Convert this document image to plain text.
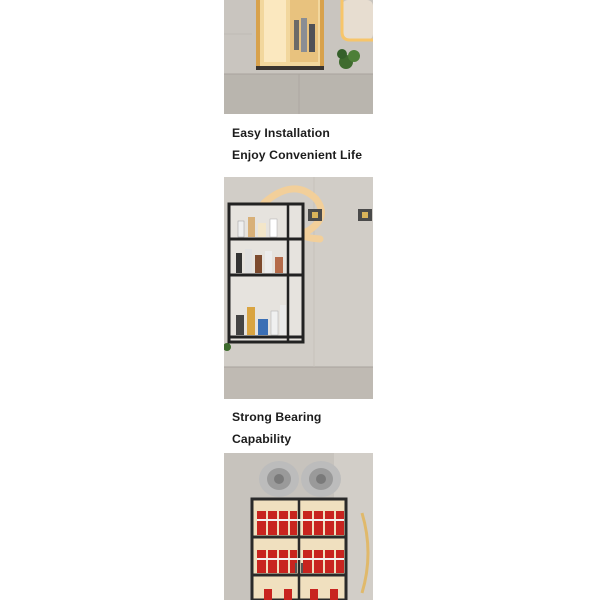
Easy Installation
Enjoy Convenient Life
Strong Bearing
Capability
